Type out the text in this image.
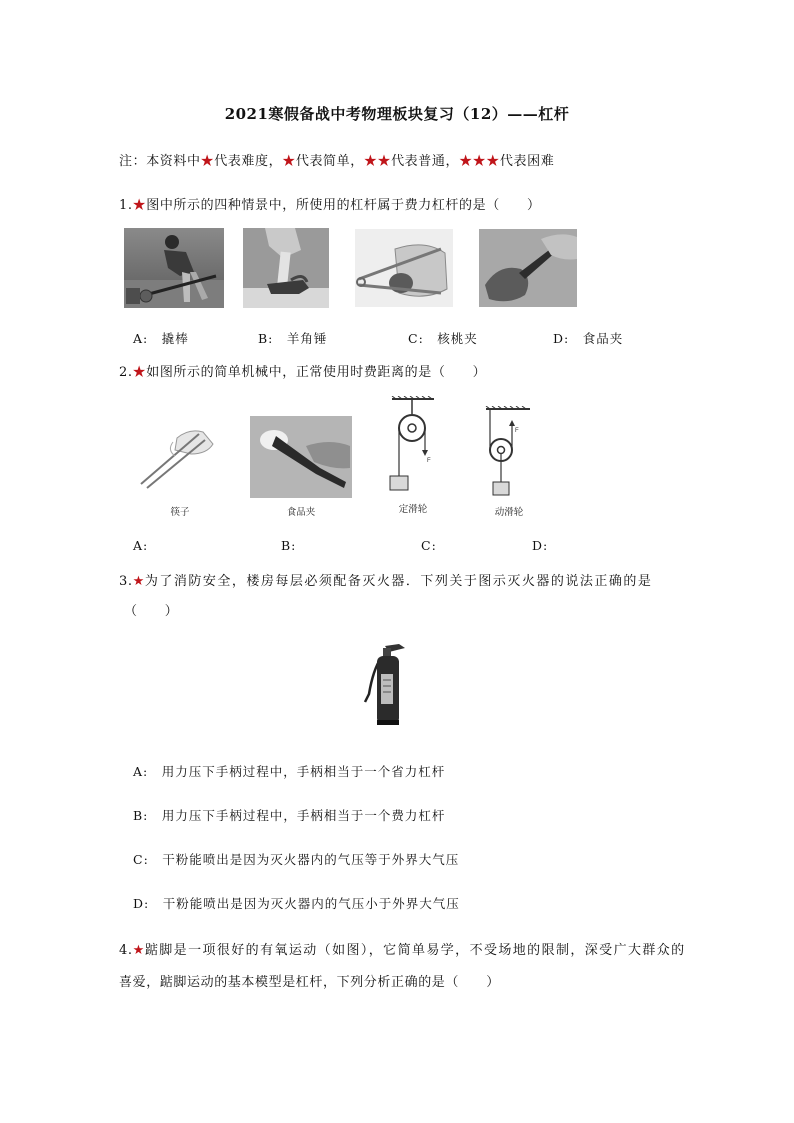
2021寒假备战中考物理板块复习（12）——杠杆
注：本资料中★代表难度，★代表简单，★★代表普通，★★★代表困难
1.★图中所示的四种情景中，所使用的杠杆属于费力杠杆的是（　　）
A:　撬棒	B:　羊角锤	C:　核桃夹	D:　食品夹
2.★如图所示的简单机械中，正常使用时费距离的是（　　）
筷子	食品夹
F
定滑轮
F
动滑轮
A:	B:	C:	D:
3.★为了消防安全，楼房每层必须配备灭火器．下列关于图示灭火器的说法正确的是
（　　）
A:　用力压下手柄过程中，手柄相当于一个省力杠杆
B:　用力压下手柄过程中，手柄相当于一个费力杠杆
C:　干粉能喷出是因为灭火器内的气压等于外界大气压
D:　干粉能喷出是因为灭火器内的气压小于外界大气压
4.★踮脚是一项很好的有氧运动（如图），它简单易学，不受场地的限制，深受广大群众的
喜爱，踮脚运动的基本模型是杠杆，下列分析正确的是（　　）
